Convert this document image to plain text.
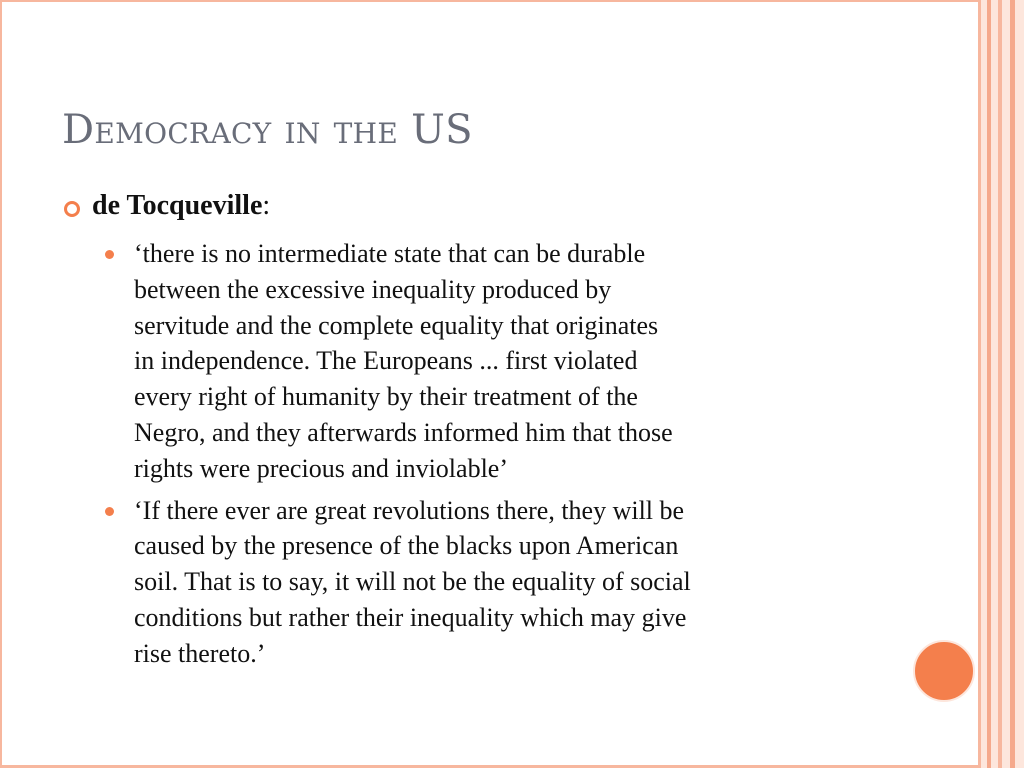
Democracy in the US
de Tocqueville:
‘there is no intermediate state that can be durable
between the excessive inequality produced by
servitude and the complete equality that originates
in independence. The Europeans ... first violated
every right of humanity by their treatment of the
Negro, and they afterwards informed him that those
rights were precious and inviolable’
‘If there ever are great revolutions there, they will be
caused by the presence of the blacks upon American
soil. That is to say, it will not be the equality of social
conditions but rather their inequality which may give
rise thereto.’
